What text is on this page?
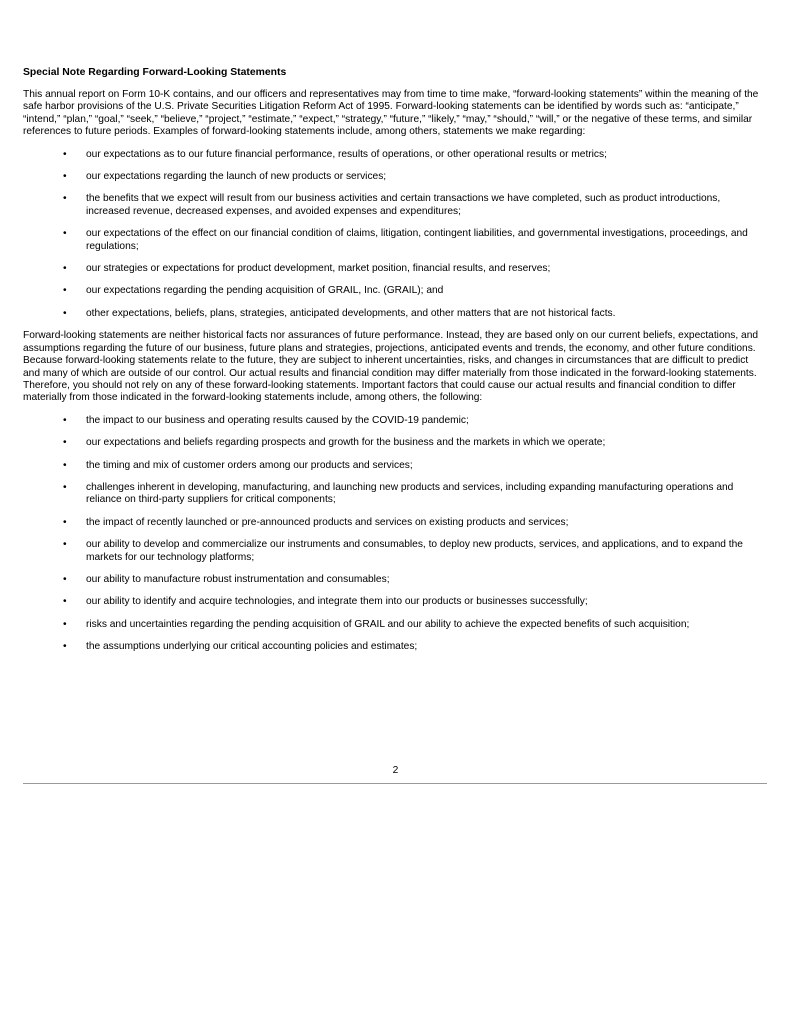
Special Note Regarding Forward-Looking Statements

This annual report on Form 10-K contains, and our officers and representatives may from time to time make, “forward-looking statements” within the meaning of the safe harbor provisions of the U.S. Private Securities Litigation Reform Act of 1995. Forward-looking statements can be identified by words such as: “anticipate,” “intend,” “plan,” “goal,” “seek,” “believe,” “project,” “estimate,” “expect,” “strategy,” “future,” “likely,” “may,” “should,” “will,” or the negative of these terms, and similar references to future periods. Examples of forward-looking statements include, among others, statements we make regarding:

• our expectations as to our future financial performance, results of operations, or other operational results or metrics;
• our expectations regarding the launch of new products or services;
• the benefits that we expect will result from our business activities and certain transactions we have completed, such as product introductions, increased revenue, decreased expenses, and avoided expenses and expenditures;
• our expectations of the effect on our financial condition of claims, litigation, contingent liabilities, and governmental investigations, proceedings, and regulations;
• our strategies or expectations for product development, market position, financial results, and reserves;
• our expectations regarding the pending acquisition of GRAIL, Inc. (GRAIL); and
• other expectations, beliefs, plans, strategies, anticipated developments, and other matters that are not historical facts.

Forward-looking statements are neither historical facts nor assurances of future performance. Instead, they are based only on our current beliefs, expectations, and assumptions regarding the future of our business, future plans and strategies, projections, anticipated events and trends, the economy, and other future conditions. Because forward-looking statements relate to the future, they are subject to inherent uncertainties, risks, and changes in circumstances that are difficult to predict and many of which are outside of our control. Our actual results and financial condition may differ materially from those indicated in the forward-looking statements. Therefore, you should not rely on any of these forward-looking statements. Important factors that could cause our actual results and financial condition to differ materially from those indicated in the forward-looking statements include, among others, the following:

• the impact to our business and operating results caused by the COVID-19 pandemic;
• our expectations and beliefs regarding prospects and growth for the business and the markets in which we operate;
• the timing and mix of customer orders among our products and services;
• challenges inherent in developing, manufacturing, and launching new products and services, including expanding manufacturing operations and reliance on third-party suppliers for critical components;
• the impact of recently launched or pre-announced products and services on existing products and services;
• our ability to develop and commercialize our instruments and consumables, to deploy new products, services, and applications, and to expand the markets for our technology platforms;
• our ability to manufacture robust instrumentation and consumables;
• our ability to identify and acquire technologies, and integrate them into our products or businesses successfully;
• risks and uncertainties regarding the pending acquisition of GRAIL and our ability to achieve the expected benefits of such acquisition;
• the assumptions underlying our critical accounting policies and estimates;
2
